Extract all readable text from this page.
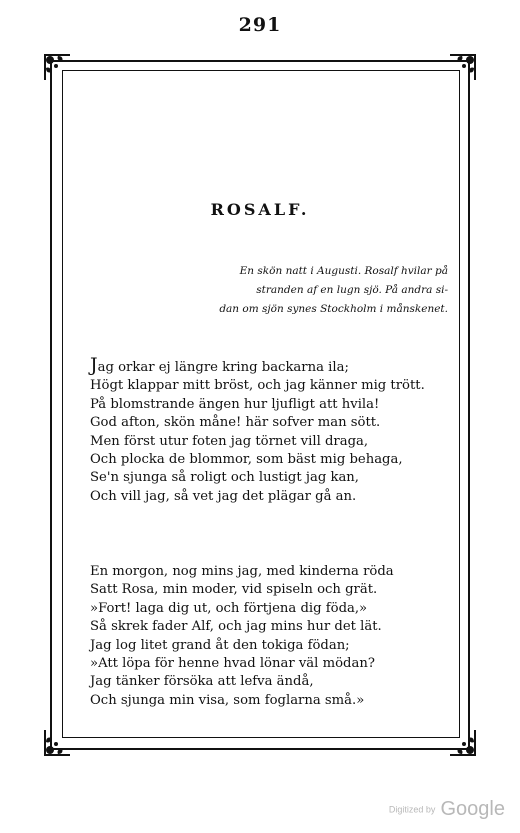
291
ROSALF.
En skön natt i Augusti. Rosalf hvilar på
stranden af en lugn sjö. På andra si-
dan om sjön synes Stockholm i månskenet.
Jag orkar ej längre kring backarna ila;
Högt klappar mitt bröst, och jag känner mig trött.
På blomstrande ängen hur ljufligt att hvila!
God afton, skön måne! här sofver man sött.
Men först utur foten jag törnet vill draga,
Och plocka de blommor, som bäst mig behaga,
Se'n sjunga så roligt och lustigt jag kan,
Och vill jag, så vet jag det plägar gå an.
En morgon, nog mins jag, med kinderna röda
Satt Rosa, min moder, vid spiseln och grät.
»Fort! laga dig ut, och förtjena dig föda,»
Så skrek fader Alf, och jag mins hur det lät.
Jag log litet grand åt den tokiga födan;
»Att löpa för henne hvad lönar väl mödan?
Jag tänker försöka att lefva ändå,
Och sjunga min visa, som foglarna små.»
Digitized by Google
